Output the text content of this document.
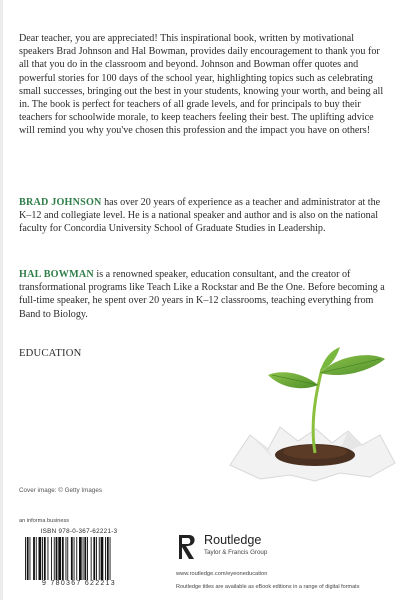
Dear teacher, you are appreciated! This inspirational book, written by motivational speakers Brad Johnson and Hal Bowman, provides daily encouragement to thank you for all that you do in the classroom and beyond. Johnson and Bowman offer quotes and powerful stories for 100 days of the school year, highlighting topics such as celebrating small successes, bringing out the best in your students, knowing your worth, and being all in. The book is perfect for teachers of all grade levels, and for principals to buy their teachers for schoolwide morale, to keep teachers feeling their best. The uplifting advice will remind you why you've chosen this profession and the impact you have on others!

BRAD JOHNSON has over 20 years of experience as a teacher and administrator at the K–12 and collegiate level. He is a national speaker and author and is also on the national faculty for Concordia University School of Graduate Studies in Leadership.

HAL BOWMAN is a renowned speaker, education consultant, and the creator of transformational programs like Teach Like a Rockstar and Be the One. Before becoming a full-time speaker, he spent over 20 years in K–12 classrooms, teaching everything from Band to Biology.

EDUCATION
Cover image: © Getty Images
an informa business
ISBN 978-0-367-62221-3
9 780367 622213
Routledge
Taylor & Francis Group
www.routledge.com/eyeoneducation
Routledge titles are available as eBook editions in a range of digital formats
